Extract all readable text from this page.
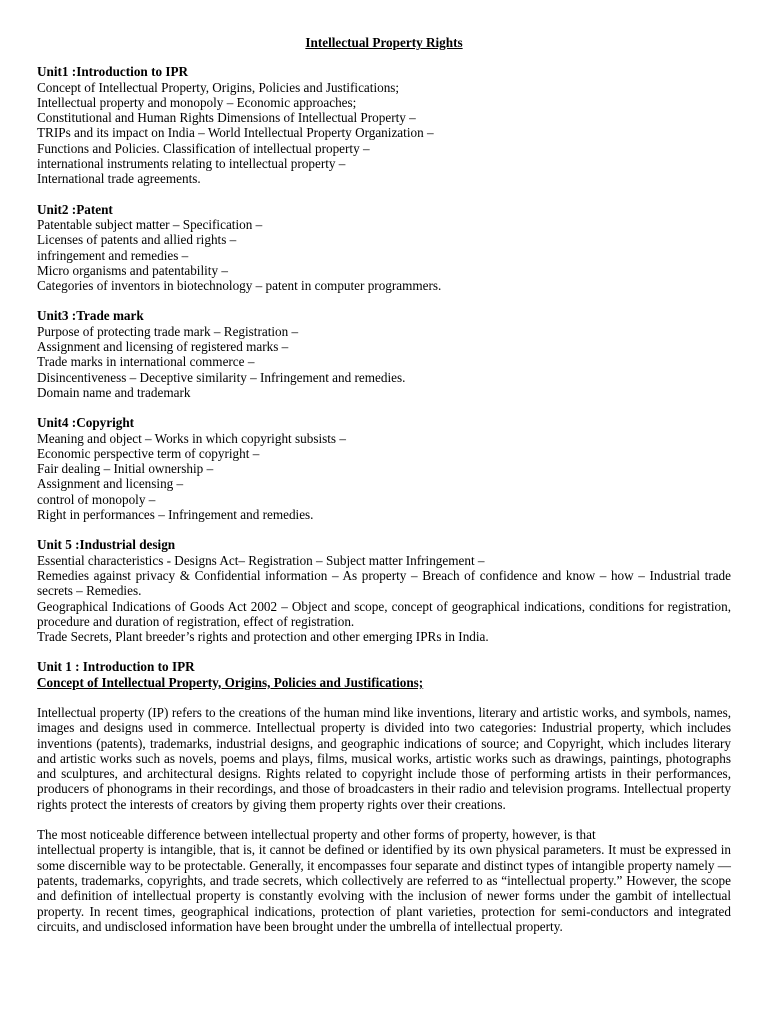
Intellectual Property Rights
Unit1 :Introduction to IPR
Concept of Intellectual Property, Origins, Policies and Justifications;
Intellectual property and monopoly – Economic approaches;
Constitutional and Human Rights Dimensions of Intellectual Property –
TRIPs and its impact on India – World Intellectual Property Organization –
Functions and Policies. Classification of intellectual property –
international instruments relating to intellectual property –
International trade agreements.
Unit2 :Patent
Patentable subject matter – Specification –
Licenses of patents and allied rights –
infringement and remedies –
Micro organisms and patentability –
Categories of inventors in biotechnology – patent in computer programmers.
Unit3 :Trade mark
Purpose of protecting trade mark – Registration –
Assignment and licensing of registered marks –
Trade marks in international commerce –
Disincentiveness – Deceptive similarity – Infringement and remedies.
Domain name and trademark
Unit4 :Copyright
Meaning and object – Works in which copyright subsists –
Economic perspective term of copyright –
Fair dealing – Initial ownership –
Assignment and licensing –
control of monopoly –
Right in performances – Infringement and remedies.
Unit 5 :Industrial design
Essential characteristics - Designs Act– Registration – Subject matter Infringement –
Remedies against privacy & Confidential information – As property – Breach of confidence and know – how – Industrial trade secrets – Remedies.
Geographical Indications of Goods Act 2002 – Object and scope, concept of geographical indications, conditions for registration, procedure and duration of registration, effect of registration.
Trade Secrets, Plant breeder’s rights and protection and other emerging IPRs in India.
Unit 1 : Introduction to IPR
Concept of Intellectual Property, Origins, Policies and Justifications;
Intellectual property (IP) refers to the creations of the human mind like inventions, literary and artistic works, and symbols, names, images and designs used in commerce. Intellectual property is divided into two categories: Industrial property, which includes inventions (patents), trademarks, industrial designs, and geographic indications of source; and Copyright, which includes literary and artistic works such as novels, poems and plays, films, musical works, artistic works such as drawings, paintings, photographs and sculptures, and architectural designs. Rights related to copyright include those of performing artists in their performances, producers of phonograms in their recordings, and those of broadcasters in their radio and television programs. Intellectual property rights protect the interests of creators by giving them property rights over their creations.
The most noticeable difference between intellectual property and other forms of property, however, is that
intellectual property is intangible, that is, it cannot be defined or identified by its own physical parameters. It must be expressed in some discernible way to be protectable. Generally, it encompasses four separate and distinct types of intangible property namely — patents, trademarks, copyrights, and trade secrets, which collectively are referred to as “intellectual property.” However, the scope and definition of intellectual property is constantly evolving with the inclusion of newer forms under the gambit of intellectual property. In recent times, geographical indications, protection of plant varieties, protection for semi-conductors and integrated circuits, and undisclosed information have been brought under the umbrella of intellectual property.
